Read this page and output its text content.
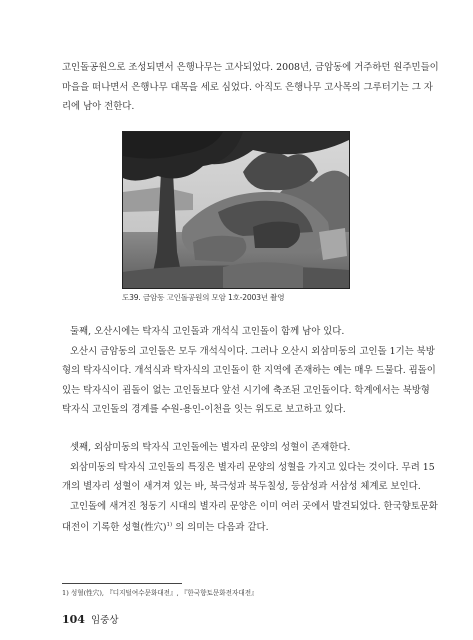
고인돌공원으로 조성되면서 은행나무는 고사되었다. 2008년, 금암동에 거주하던 원주민들이
마을을 떠나면서 은행나무 대목을 세로 심었다. 아직도 은행나무 고사목의 그루터기는 그 자
리에 남아 전한다.

도39. 금암동 고인돌공원의 모암 1호-2003년 촬영

둘째, 오산시에는 탁자식 고인돌과 개석식 고인돌이 함께 남아 있다.
오산시 금암동의 고인돌은 모두 개석식이다. 그러나 오산시 외삼미동의 고인돌 1기는 북방
형의 탁자식이다. 개석식과 탁자식의 고인돌이 한 지역에 존재하는 예는 매우 드물다. 굄돌이
있는 탁자식이 굄돌이 없는 고인돌보다 앞선 시기에 축조된 고인돌이다. 학계에서는 북방형
탁자식 고인돌의 경계를 수원-용인-이천을 잇는 위도로 보고하고 있다.

셋째, 외삼미동의 탁자식 고인돌에는 별자리 문양의 성혈이 존재한다.
외삼미동의 탁자식 고인돌의 특징은 별자리 문양의 성혈을 가지고 있다는 것이다. 무려 15
개의 별자리 성혈이 새겨져 있는 바, 북극성과 북두칠성, 등삼성과 서삼성 체계로 보인다.
고인돌에 새겨진 청동기 시대의 별자리 문양은 이미 여러 곳에서 발견되었다. 한국향토문화
대전이 기록한 성혈(性穴)$^{1)}$ 의 의미는 다음과 같다.

1) 성혈(性穴), 『디지털여수문화대전』, 『한국향토문화전자대전』
104 임중상
